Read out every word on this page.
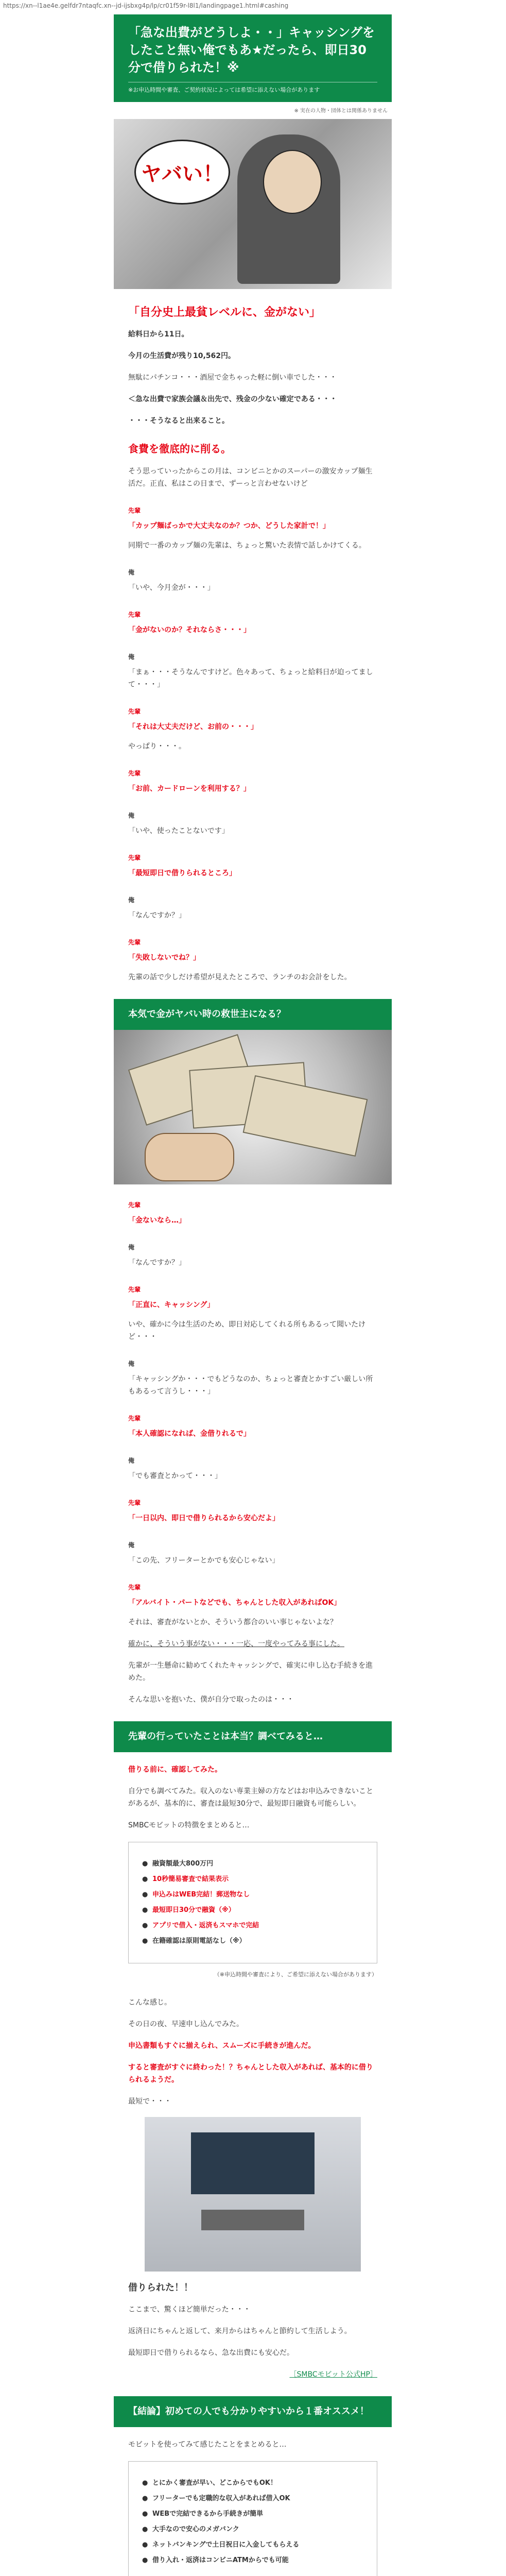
https://xn--l1ae4e.gelfdr7ntaqfc.xn--jd-ijsbxg4p/lp/cr01f59r-l8l1/landingpage1.html#cashing
「急な出費がどうしよ・・」キャッシングをしたこと無い俺でもあ★だったら、即日30分で借りられた！※
※お申込時間や審査、ご契約状況によっては希望に添えない場合があります
※ 実在の人物・団体とは関係ありません
ヤバい！
「自分史上最貧レベルに、金がない」

給料日から11日。

今月の生活費が残り10,562円。

無駄にパチンコ・・・酒屋で金ちゃった軽に倒い車でした・・・

＜急な出費で家族会議＆出先で、残金の少ない確定である・・・

・・・そうなると出来ること。

食費を徹底的に削る。

そう思っていったからこの月は、コンビニとかのスーパーの激安カップ麺生活だ。正直、私はこの日まで、ずーっと言わせないけど

先輩

「カップ麺ばっかで大丈夫なのか？つか、どうした家計で！」

同期で一番のカップ麺の先輩は、ちょっと驚いた表情で話しかけてくる。

俺

「いや、今月金が・・・」

先輩

「金がないのか？それならさ・・・」

俺

「まぁ・・・そうなんですけど。色々あって、ちょっと給料日が迫ってまして・・・」

先輩

「それは大丈夫だけど、お前の・・・」

やっぱり・・・。

先輩

「お前、カードローンを利用する？」

俺

「いや、使ったことないです」

先輩

「最短即日で借りられるところ」

俺

「なんですか？」

先輩

「失敗しないでね？」

先輩の話で少しだけ希望が見えたところで、ランチのお会計をした。

本気で金がヤバい時の救世主になる？
先輩

「金ないなら…」

俺

「なんですか？」

先輩

「正直に、キャッシング」

いや、確かに今は生活のため、即日対応してくれる所もあるって聞いたけど・・・

俺

「キャッシングか・・・でもどうなのか、ちょっと審査とかすごい厳しい所もあるって言うし・・・」

先輩

「本人確認になれば、金借りれるで」

俺

「でも審査とかって・・・」

先輩

「一日以内、即日で借りられるから安心だよ」

俺

「この先、フリーターとかでも安心じゃない」

先輩

「アルバイト・パートなどでも、ちゃんとした収入があればOK」

それは、審査がないとか、そういう都合のいい事じゃないよな？

確かに、そういう事がない・・・一応、一度やってみる事にした。

先輩が一生懸命に勧めてくれたキャッシングで、確実に申し込む手続きを進めた。

そんな思いを抱いた、僕が自分で取ったのは・・・

先輩の行っていたことは本当？調べてみると…

借りる前に、確認してみた。

自分でも調べてみた。収入のない専業主婦の方などはお申込みできないことがあるが、基本的に、審査は最短30分で、最短即日融資も可能らしい。

SMBCモビットの特徴をまとめると…

● 融資額最大800万円
● 10秒簡易審査で結果表示
● 申込みはWEB完結！郵送物なし
● 最短即日30分で融資（※）
● アプリで借入・返済もスマホで完結
● 在籍確認は原則電話なし（※）
（※申込時間や審査により、ご希望に添えない場合があります）

こんな感じ。

その日の夜、早速申し込んでみた。

申込書類もすぐに揃えられ、スムーズに手続きが進んだ。

すると審査がすぐに終わった！？ちゃんとした収入があれば、基本的に借りられるようだ。

最短で・・・

借りられた！！

ここまで、驚くほど簡単だった・・・

返済日にちゃんと返して、来月からはちゃんと節約して生活しよう。

最短即日で借りられるなら、急な出費にも安心だ。

［SMBCモビット公式HP］
【結論】初めての人でも分かりやすいから１番オススメ！

モビットを使ってみて感じたことをまとめると…

● とにかく審査が早い、どこからでもOK！
● フリーターでも定職的な収入があれば借入OK
● WEBで完結できるから手続きが簡単
● 大手なので安心のメガバンク
● ネットバンキングで土日祝日に入金してもらえる
● 借り入れ・返済はコンビニATMからでも可能
